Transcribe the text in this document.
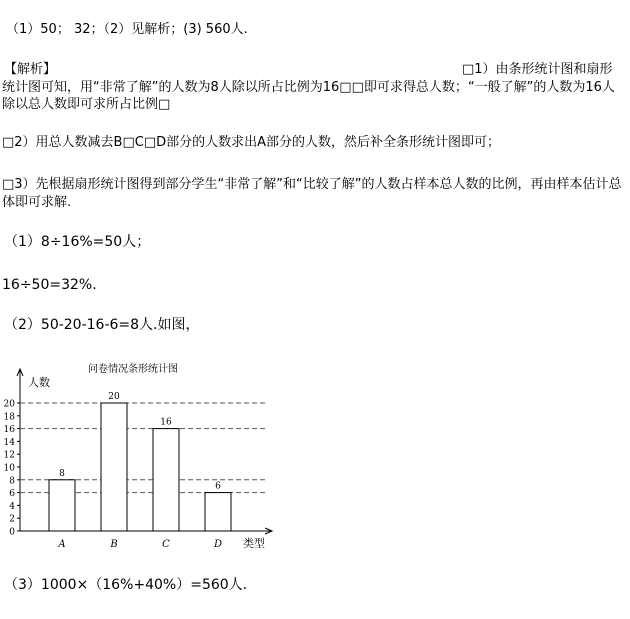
（1）50； 32；（2）见解析；(3) 560人.
【解析】	□1）由条形统计图和扇形
统计图可知，用“非常了解”的人数为8人除以所占比例为16□□即可求得总人数；“一般了解”的人数为16人除以总人数即可求所占比例□
□2）用总人数减去B□C□D部分的人数求出A部分的人数，然后补全条形统计图即可；
□3）先根据扇形统计图得到部分学生“非常了解”和“比较了解”的人数占样本总人数的比例，再由样本估计总体即可求解.
（1）8÷16%=50人；
16÷50=32%.
（2）50-20-16-6=8人.如图，
问卷情况条形统计图
人数
类型
0
2
4
6
8
10
12
14
16
18
20
8
A
20
B
16
C
6
D
（3）1000×（16%+40%）=560人.
